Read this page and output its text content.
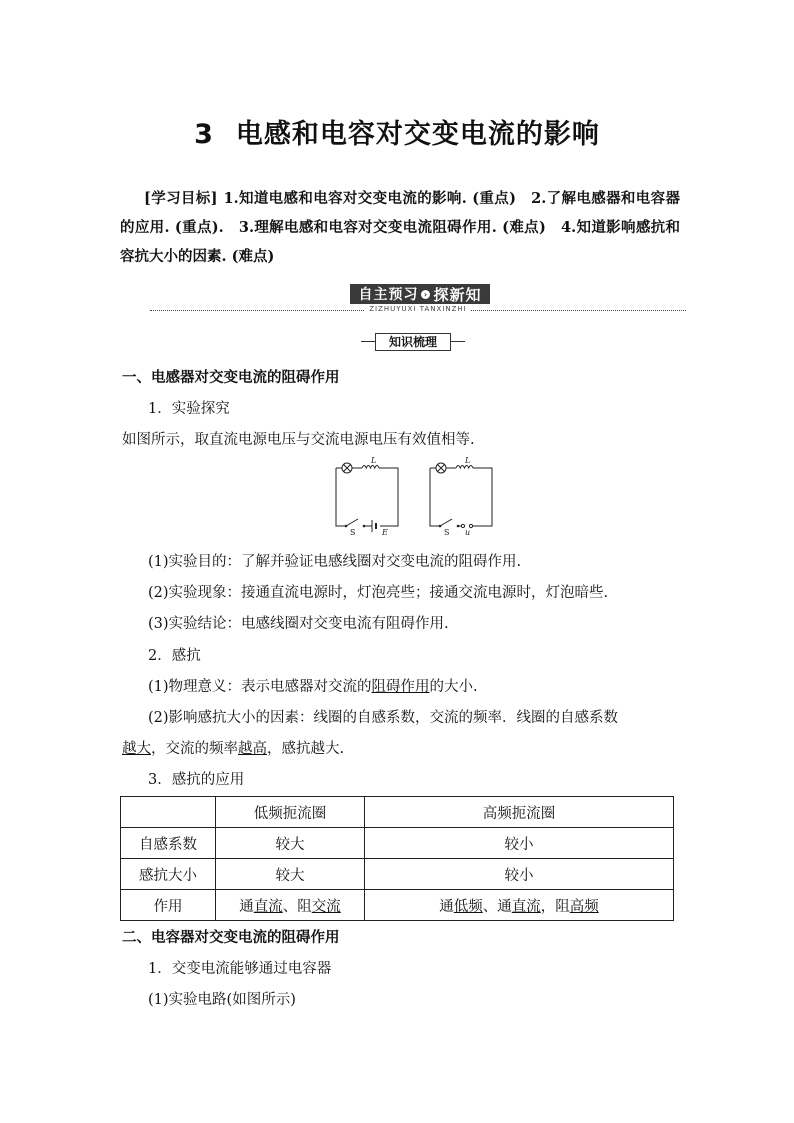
3 电感和电容对交变电流的影响
[学习目标] 1.知道电感和电容对交变电流的影响. (重点)　2.了解电感器和电容器的应用. (重点).　3.理解电感和电容对交变电流阻碍作用. (难点)　4.知道影响感抗和容抗大小的因素. (难点)
自主预习 › 探新知
ZIZHUYUXI TANXINZHI
知识梳理
一、电感器对交变电流的阻碍作用
1．实验探究
如图所示，取直流电源电压与交流电源电压有效值相等.
L
S	E
L
S u
(1)实验目的：了解并验证电感线圈对交变电流的阻碍作用.
(2)实验现象：接通直流电源时，灯泡亮些；接通交流电源时，灯泡暗些.
(3)实验结论：电感线圈对交变电流有阻碍作用.
2．感抗
(1)物理意义：表示电感器对交流的阻碍作用的大小.
(2)影响感抗大小的因素：线圈的自感系数，交流的频率．线圈的自感系数
越大，交流的频率越高，感抗越大.
3．感抗的应用
	低频扼流圈	高频扼流圈
自感系数	较大	较小
感抗大小	较大	较小
作用	通直流、阻交流	通低频、通直流，阻高频
二、电容器对交变电流的阻碍作用
1．交变电流能够通过电容器
(1)实验电路(如图所示)
